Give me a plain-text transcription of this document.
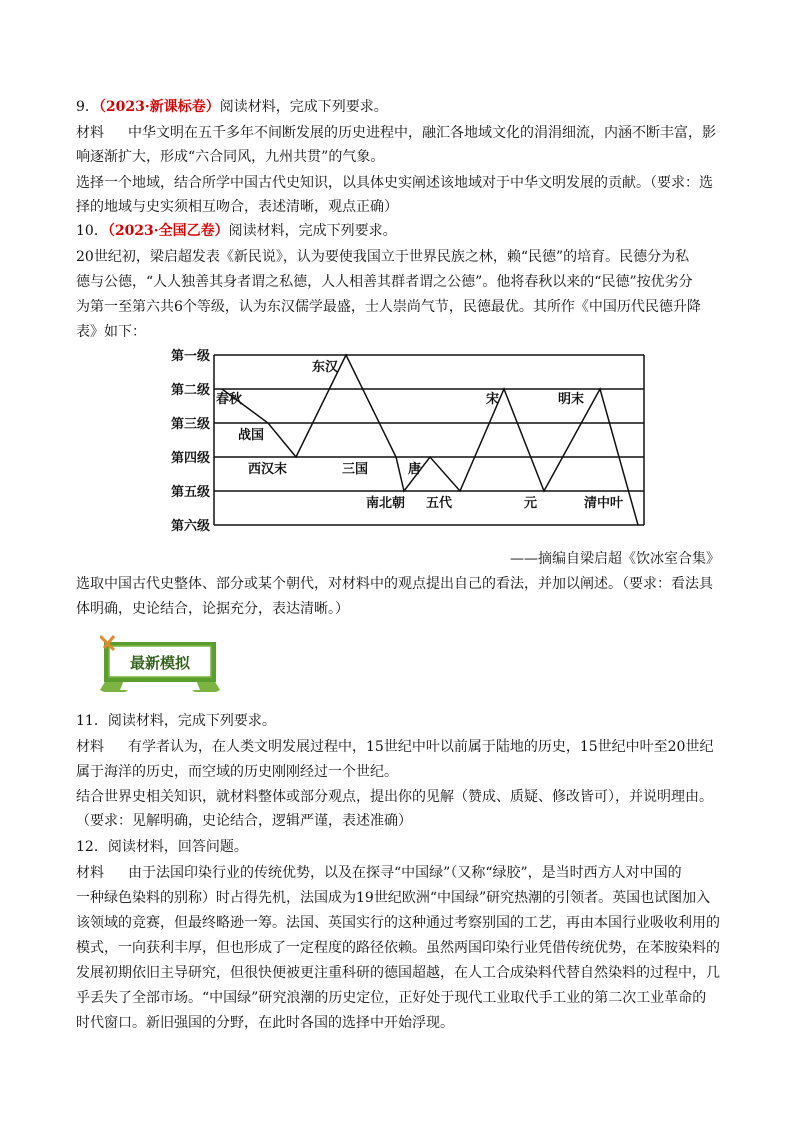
9．（2023·新课标卷）阅读材料，完成下列要求。
材料 中华文明在五千多年不间断发展的历史进程中，融汇各地域文化的涓涓细流，内涵不断丰富，影
响逐渐扩大，形成“六合同风，九州共贯”的气象。
选择一个地域，结合所学中国古代史知识，以具体史实阐述该地域对于中华文明发展的贡献。（要求：选
择的地域与史实须相互吻合，表述清晰，观点正确）
10．（2023·全国乙卷）阅读材料，完成下列要求。
20世纪初，梁启超发表《新民说》，认为要使我国立于世界民族之林，赖“民德”的培育。民德分为私
德与公德，“人人独善其身者谓之私德，人人相善其群者谓之公德”。他将春秋以来的“民德”按优劣分
为第一至第六共6个等级，认为东汉儒学最盛，士人崇尚气节，民德最优。其所作《中国历代民德升降
表》如下：
第一级
第二级
第三级
第四级
第五级
第六级
春秋
战国
西汉末
东汉
三国
南北朝
唐
五代
宋
元
明末
清中叶
——摘编自梁启超《饮冰室合集》
选取中国古代史整体、部分或某个朝代，对材料中的观点提出自己的看法，并加以阐述。（要求：看法具
体明确，史论结合，论据充分，表达清晰。）
最新模拟
11．阅读材料，完成下列要求。
材料 有学者认为，在人类文明发展过程中，15世纪中叶以前属于陆地的历史，15世纪中叶至20世纪
属于海洋的历史，而空域的历史刚刚经过一个世纪。
结合世界史相关知识，就材料整体或部分观点，提出你的见解（赞成、质疑、修改皆可），并说明理由。
（要求：见解明确，史论结合，逻辑严谨，表述准确）
12．阅读材料，回答问题。
材料 由于法国印染行业的传统优势，以及在探寻“中国绿”（又称“绿胶”，是当时西方人对中国的
一种绿色染料的别称）时占得先机，法国成为19世纪欧洲“中国绿”研究热潮的引领者。英国也试图加入
该领域的竞赛，但最终略逊一筹。法国、英国实行的这种通过考察别国的工艺，再由本国行业吸收利用的
模式，一向获利丰厚，但也形成了一定程度的路径依赖。虽然两国印染行业凭借传统优势，在苯胺染料的
发展初期依旧主导研究，但很快便被更注重科研的德国超越，在人工合成染料代替自然染料的过程中，几
乎丢失了全部市场。“中国绿”研究浪潮的历史定位，正好处于现代工业取代手工业的第二次工业革命的
时代窗口。新旧强国的分野，在此时各国的选择中开始浮现。
